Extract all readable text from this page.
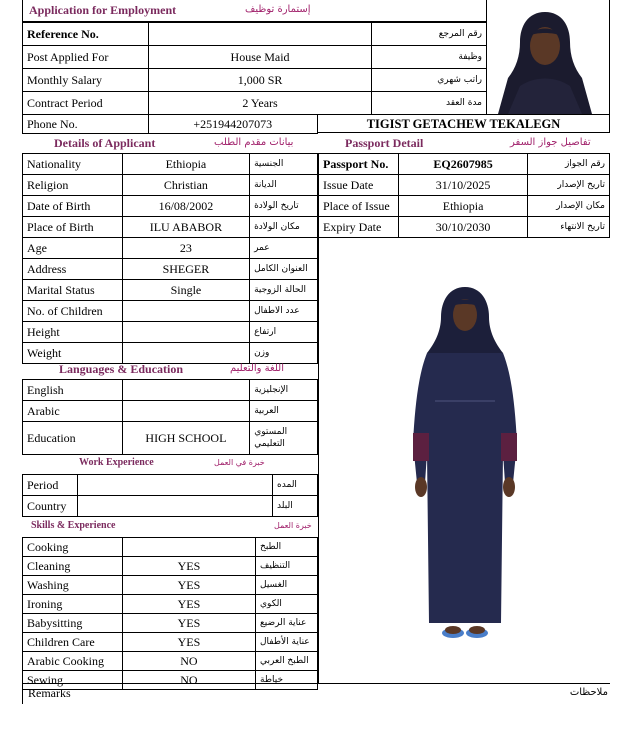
Application for Employment	إستمارة توظيف
Reference No.		رقم المرجع
Post Applied For	House Maid	وظيفة
Monthly Salary	1,000 SR	راتب شهري
Contract Period	2 Years	مدة العقد
Phone No.	+251944207073	TIGIST GETACHEW TEKALEGN
Details of Applicant	بيانات مقدم الطلب	Passport Detail	تفاصيل جواز السفر
Nationality	Ethiopia	الجنسية
Religion	Christian	الديانة
Date of Birth	16/08/2002	تاريخ الولادة
Place of Birth	ILU ABABOR	مكان الولادة
Age	23	عمر
Address	SHEGER	العنوان الكامل
Marital Status	Single	الحالة الزوجية
No. of Children		عدد الاطفال
Height		ارتفاع
Weight		وزن
Passport No.	EQ2607985	رقم الجواز
Issue Date	31/10/2025	تاريخ الإصدار
Place of Issue	Ethiopia	مكان الإصدار
Expiry Date	30/10/2030	تاريخ الانتهاء
Languages & Education	اللغة والتعليم
English		الإنجليزية
Arabic		العربية
Education	HIGH SCHOOL	المستوي التعليمي
Work Experience	خبرة في العمل
Period		المده
Country		البلد
Skills & Experience	خبرة العمل
Cooking		الطبخ
Cleaning	YES	التنظيف
Washing	YES	الغسيل
Ironing	YES	الكوي
Babysitting	YES	عناية الرضيع
Children Care	YES	عناية الأطفال
Arabic Cooking	NO	الطبخ العربي
Sewing	NO	خياطة
Remarks	ملاحظات
